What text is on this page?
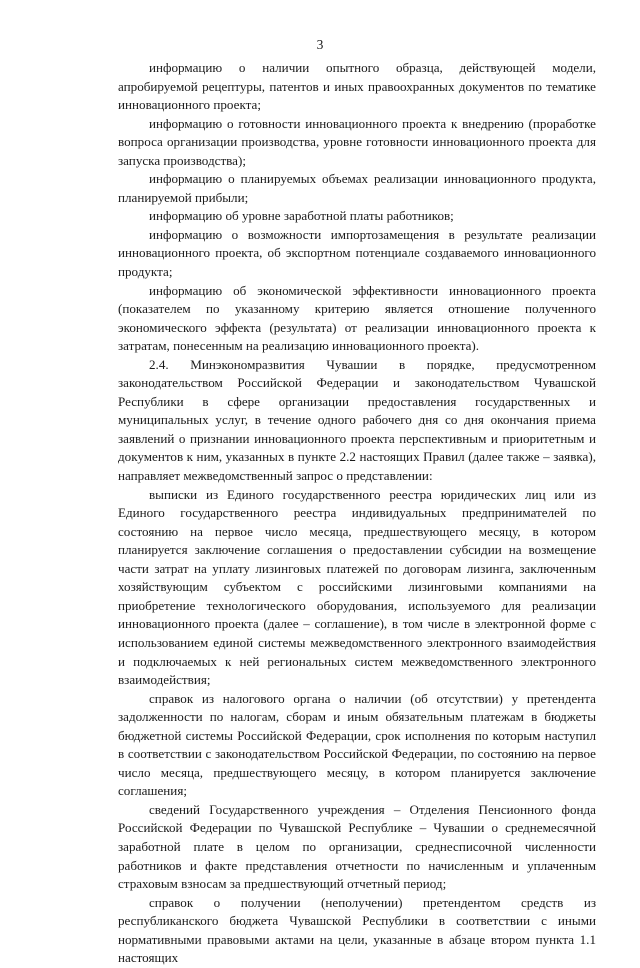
3

информацию о наличии опытного образца, действующей модели, апробируемой рецептуры, патентов и иных правоохранных документов по тематике инновационного проекта;

информацию о готовности инновационного проекта к внедрению (проработке вопроса организации производства, уровне готовности инновационного проекта для запуска производства);

информацию о планируемых объемах реализации инновационного продукта, планируемой прибыли;

информацию об уровне заработной платы работников;

информацию о возможности импортозамещения в результате реализации инновационного проекта, об экспортном потенциале создаваемого инновационного продукта;

информацию об экономической эффективности инновационного проекта (показателем по указанному критерию является отношение полученного экономического эффекта (результата) от реализации инновационного проекта к затратам, понесенным на реализацию инновационного проекта).

2.4. Минэкономразвития Чувашии в порядке, предусмотренном законодательством Российской Федерации и законодательством Чувашской Республики в сфере организации предоставления государственных и муниципальных услуг, в течение одного рабочего дня со дня окончания приема заявлений о признании инновационного проекта перспективным и приоритетным и документов к ним, указанных в пункте 2.2 настоящих Правил (далее также – заявка), направляет межведомственный запрос о представлении:

выписки из Единого государственного реестра юридических лиц или из Единого государственного реестра индивидуальных предпринимателей по состоянию на первое число месяца, предшествующего месяцу, в котором планируется заключение соглашения о предоставлении субсидии на возмещение части затрат на уплату лизинговых платежей по договорам лизинга, заключенным хозяйствующим субъектом с российскими лизинговыми компаниями на приобретение технологического оборудования, используемого для реализации инновационного проекта (далее – соглашение), в том числе в электронной форме с использованием единой системы межведомственного электронного взаимодействия и подключаемых к ней региональных систем межведомственного электронного взаимодействия;

справок из налогового органа о наличии (об отсутствии) у претендента задолженности по налогам, сборам и иным обязательным платежам в бюджеты бюджетной системы Российской Федерации, срок исполнения по которым наступил в соответствии с законодательством Российской Федерации, по состоянию на первое число месяца, предшествующего месяцу, в котором планируется заключение соглашения;

сведений Государственного учреждения – Отделения Пенсионного фонда Российской Федерации по Чувашской Республике – Чувашии о среднемесячной заработной плате в целом по организации, среднесписочной численности работников и факте представления отчетности по начисленным и уплаченным страховым взносам за предшествующий отчетный период;

справок о получении (неполучении) претендентом средств из республиканского бюджета Чувашской Республики в соответствии с иными нормативными правовыми актами на цели, указанные в абзаце втором пункта 1.1 настоящих
